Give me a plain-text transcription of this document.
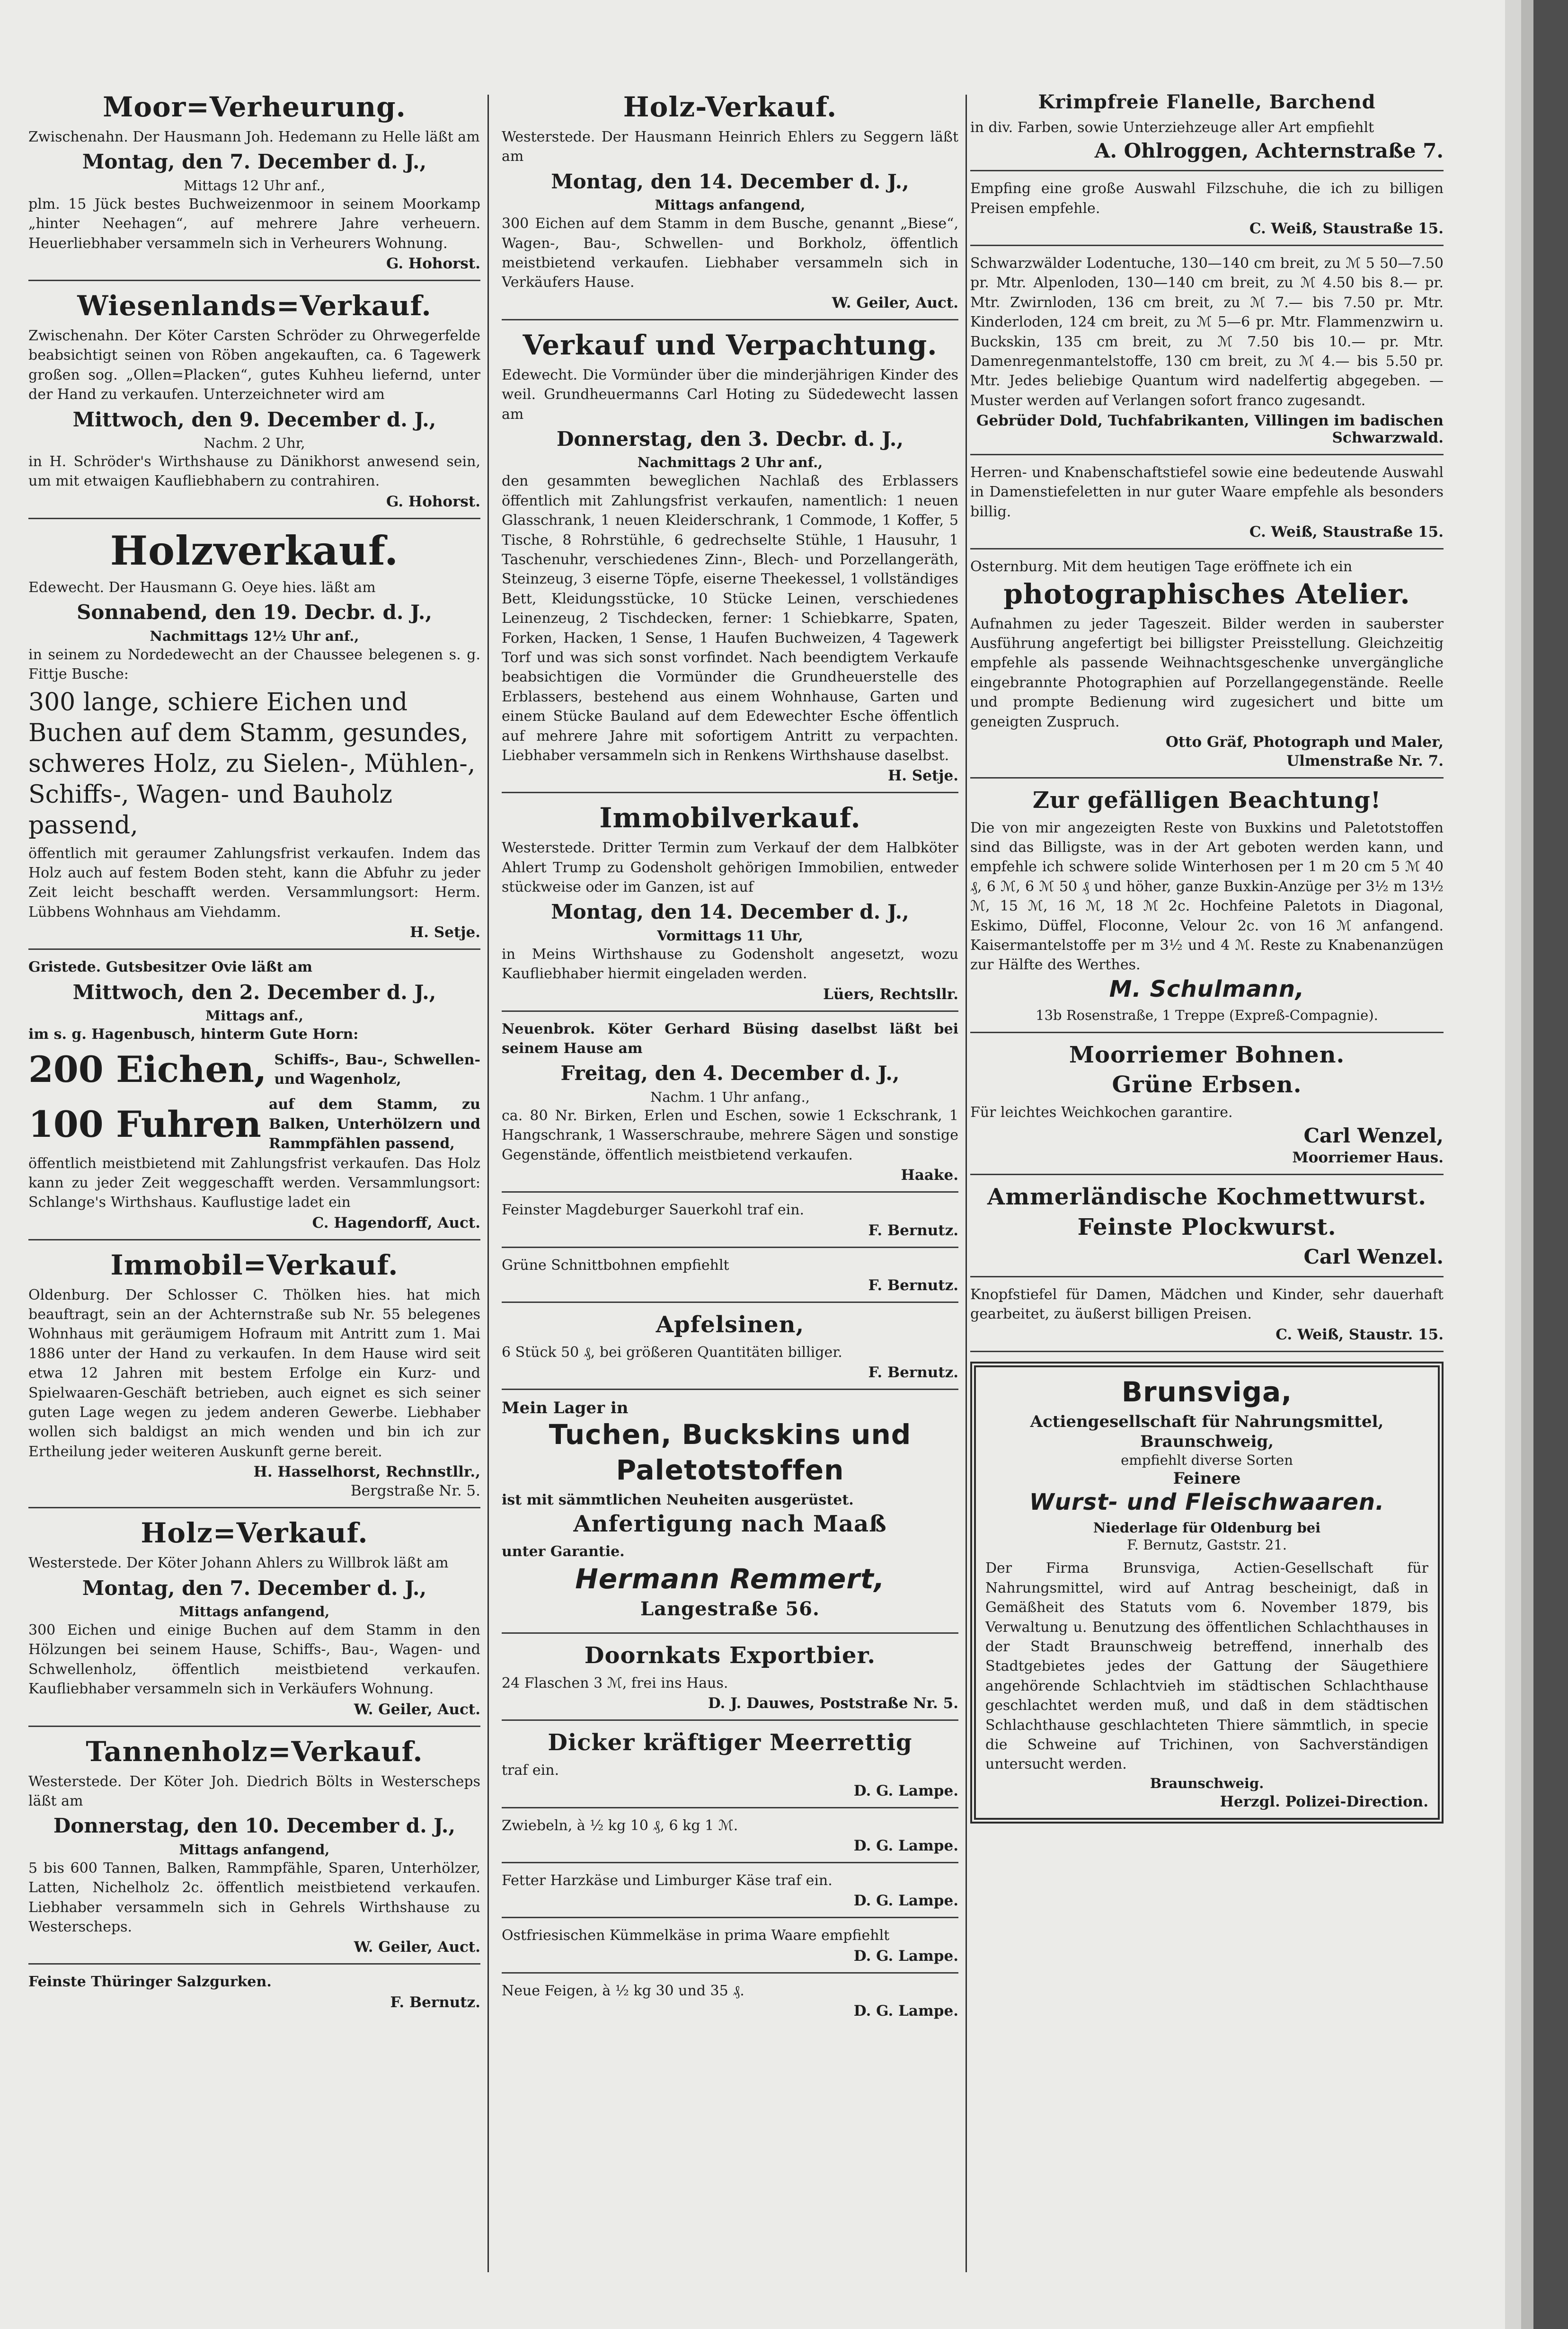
Moor=Verheurung.

Zwischenahn. Der Hausmann Joh. Hedemann zu Helle läßt am

Montag, den 7. December d. J.,
Mittags 12 Uhr anf.,

plm. 15 Jück bestes Buchweizenmoor in seinem Moorkamp „hinter Neehagen“, auf mehrere Jahre verheuern. Heuerliebhaber versammeln sich in Verheurers Wohnung.

G. Hohorst.
Wiesenlands=Verkauf.

Zwischenahn. Der Köter Carsten Schröder zu Ohrwegerfelde beabsichtigt seinen von Röben angekauften, ca. 6 Tagewerk großen sog. „Ollen=Placken“, gutes Kuhheu liefernd, unter der Hand zu verkaufen. Unterzeichneter wird am

Mittwoch, den 9. December d. J.,
Nachm. 2 Uhr,

in H. Schröder's Wirthshause zu Dänikhorst anwesend sein, um mit etwaigen Kaufliebhabern zu contrahiren.

G. Hohorst.
Holzverkauf.

Edewecht. Der Hausmann G. Oeye hies. läßt am

Sonnabend, den 19. Decbr. d. J.,
Nachmittags 12½ Uhr anf.,

in seinem zu Nordedewecht an der Chaussee belegenen s. g. Fittje Busche:

300 lange, schiere Eichen und Buchen auf dem Stamm, gesundes, schweres Holz, zu Sielen-, Mühlen-, Schiffs-, Wagen- und Bauholz passend,

öffentlich mit geraumer Zahlungsfrist verkaufen. Indem das Holz auch auf festem Boden steht, kann die Abfuhr zu jeder Zeit leicht beschafft werden. Versammlungsort: Herm. Lübbens Wohnhaus am Viehdamm.

H. Setje.

Gristede. Gutsbesitzer Ovie läßt am

Mittwoch, den 2. December d. J.,
Mittags anf.,

im s. g. Hagenbusch, hinterm Gute Horn:

200 Eichen, Schiffs-, Bau-, Schwellen- und Wagenholz,
100 Fuhren auf dem Stamm, zu Balken, Unterhölzern und Rammpfählen passend,

öffentlich meistbietend mit Zahlungsfrist verkaufen. Das Holz kann zu jeder Zeit weggeschafft werden. Versammlungsort: Schlange's Wirthshaus. Kauflustige ladet ein

C. Hagendorff, Auct.
Immobil=Verkauf.

Oldenburg. Der Schlosser C. Thölken hies. hat mich beauftragt, sein an der Achternstraße sub Nr. 55 belegenes Wohnhaus mit geräumigem Hofraum mit Antritt zum 1. Mai 1886 unter der Hand zu verkaufen. In dem Hause wird seit etwa 12 Jahren mit bestem Erfolge ein Kurz- und Spielwaaren-Geschäft betrieben, auch eignet es sich seiner guten Lage wegen zu jedem anderen Gewerbe. Liebhaber wollen sich baldigst an mich wenden und bin ich zur Ertheilung jeder weiteren Auskunft gerne bereit.

H. Hasselhorst, Rechnstllr.,
Bergstraße Nr. 5.
Holz=Verkauf.

Westerstede. Der Köter Johann Ahlers zu Willbrok läßt am

Montag, den 7. December d. J.,
Mittags anfangend,

300 Eichen und einige Buchen auf dem Stamm in den Hölzungen bei seinem Hause, Schiffs-, Bau-, Wagen- und Schwellenholz, öffentlich meistbietend verkaufen. Kaufliebhaber versammeln sich in Verkäufers Wohnung.

W. Geiler, Auct.
Tannenholz=Verkauf.

Westerstede. Der Köter Joh. Diedrich Bölts in Westerscheps läßt am

Donnerstag, den 10. December d. J.,
Mittags anfangend,

5 bis 600 Tannen, Balken, Rammpfähle, Sparen, Unterhölzer, Latten, Nichelholz 2c. öffentlich meistbietend verkaufen. Liebhaber versammeln sich in Gehrels Wirthshause zu Westerscheps.

W. Geiler, Auct.

Feinste Thüringer Salzgurken.

F. Bernutz.
Holz-Verkauf.

Westerstede. Der Hausmann Heinrich Ehlers zu Seggern läßt am

Montag, den 14. December d. J.,
Mittags anfangend,

300 Eichen auf dem Stamm in dem Busche, genannt „Biese“, Wagen-, Bau-, Schwellen- und Borkholz, öffentlich meistbietend verkaufen. Liebhaber versammeln sich in Verkäufers Hause.

W. Geiler, Auct.
Verkauf und Verpachtung.

Edewecht. Die Vormünder über die minderjährigen Kinder des weil. Grundheuermanns Carl Hoting zu Südedewecht lassen am

Donnerstag, den 3. Decbr. d. J.,
Nachmittags 2 Uhr anf.,

den gesammten beweglichen Nachlaß des Erblassers öffentlich mit Zahlungsfrist verkaufen, namentlich: 1 neuen Glasschrank, 1 neuen Kleiderschrank, 1 Commode, 1 Koffer, 5 Tische, 8 Rohrstühle, 6 gedrechselte Stühle, 1 Hausuhr, 1 Taschenuhr, verschiedenes Zinn-, Blech- und Porzellangeräth, Steinzeug, 3 eiserne Töpfe, eiserne Theekessel, 1 vollständiges Bett, Kleidungsstücke, 10 Stücke Leinen, verschiedenes Leinenzeug, 2 Tischdecken, ferner: 1 Schiebkarre, Spaten, Forken, Hacken, 1 Sense, 1 Haufen Buchweizen, 4 Tagewerk Torf und was sich sonst vorfindet. Nach beendigtem Verkaufe beabsichtigen die Vormünder die Grundheuerstelle des Erblassers, bestehend aus einem Wohnhause, Garten und einem Stücke Bauland auf dem Edewechter Esche öffentlich auf mehrere Jahre mit sofortigem Antritt zu verpachten. Liebhaber versammeln sich in Renkens Wirthshause daselbst.

H. Setje.
Immobilverkauf.

Westerstede. Dritter Termin zum Verkauf der dem Halbköter Ahlert Trump zu Godensholt gehörigen Immobilien, entweder stückweise oder im Ganzen, ist auf

Montag, den 14. December d. J.,
Vormittags 11 Uhr,

in Meins Wirthshause zu Godensholt angesetzt, wozu Kaufliebhaber hiermit eingeladen werden.

Lüers, Rechtsllr.

Neuenbrok. Köter Gerhard Büsing daselbst läßt bei seinem Hause am

Freitag, den 4. December d. J.,
Nachm. 1 Uhr anfang.,

ca. 80 Nr. Birken, Erlen und Eschen, sowie 1 Eckschrank, 1 Hangschrank, 1 Wasserschraube, mehrere Sägen und sonstige Gegenstände, öffentlich meistbietend verkaufen.

Haake.

Feinster Magdeburger Sauerkohl traf ein.

F. Bernutz.

Grüne Schnittbohnen empfiehlt

F. Bernutz.
Apfelsinen,

6 Stück 50 ₰, bei größeren Quantitäten billiger.

F. Bernutz.
Mein Lager in
Tuchen, Buckskins und
Paletotstoffen

ist mit sämmtlichen Neuheiten ausgerüstet.

Anfertigung nach Maaß

unter Garantie.

Hermann Remmert,
Langestraße 56.
Doornkats Exportbier.

24 Flaschen 3 ℳ, frei ins Haus.

D. J. Dauwes, Poststraße Nr. 5.
Dicker kräftiger Meerrettig

traf ein.

D. G. Lampe.

Zwiebeln, à ½ kg 10 ₰, 6 kg 1 ℳ.

D. G. Lampe.

Fetter Harzkäse und Limburger Käse traf ein.

D. G. Lampe.

Ostfriesischen Kümmelkäse in prima Waare empfiehlt

D. G. Lampe.

Neue Feigen, à ½ kg 30 und 35 ₰.

D. G. Lampe.
Krimpfreie Flanelle, Barchend

in div. Farben, sowie Unterziehzeuge aller Art empfiehlt

A. Ohlroggen, Achternstraße 7.

Empfing eine große Auswahl Filzschuhe, die ich zu billigen Preisen empfehle.

C. Weiß, Staustraße 15.

Schwarzwälder Lodentuche, 130—140 cm breit, zu ℳ 5 50—7.50 pr. Mtr. Alpenloden, 130—140 cm breit, zu ℳ 4.50 bis 8.— pr. Mtr. Zwirnloden, 136 cm breit, zu ℳ 7.— bis 7.50 pr. Mtr. Kinderloden, 124 cm breit, zu ℳ 5—6 pr. Mtr. Flammenzwirn u. Buckskin, 135 cm breit, zu ℳ 7.50 bis 10.— pr. Mtr. Damenregenmantelstoffe, 130 cm breit, zu ℳ 4.— bis 5.50 pr. Mtr. Jedes beliebige Quantum wird nadelfertig abgegeben. — Muster werden auf Verlangen sofort franco zugesandt.

Gebrüder Dold, Tuchfabrikanten, Villingen im badischen Schwarzwald.

Herren- und Knabenschaftstiefel sowie eine bedeutende Auswahl in Damenstiefeletten in nur guter Waare empfehle als besonders billig.

C. Weiß, Staustraße 15.

Osternburg. Mit dem heutigen Tage eröffnete ich ein

photographisches Atelier.

Aufnahmen zu jeder Tageszeit. Bilder werden in sauberster Ausführung angefertigt bei billigster Preisstellung. Gleichzeitig empfehle als passende Weihnachtsgeschenke unvergängliche eingebrannte Photographien auf Porzellangegenstände. Reelle und prompte Bedienung wird zugesichert und bitte um geneigten Zuspruch.

Otto Gräf, Photograph und Maler,
Ulmenstraße Nr. 7.
Zur gefälligen Beachtung!

Die von mir angezeigten Reste von Buxkins und Paletotstoffen sind das Billigste, was in der Art geboten werden kann, und empfehle ich schwere solide Winterhosen per 1 m 20 cm 5 ℳ 40 ₰, 6 ℳ, 6 ℳ 50 ₰ und höher, ganze Buxkin-Anzüge per 3½ m 13½ ℳ, 15 ℳ, 16 ℳ, 18 ℳ 2c. Hochfeine Paletots in Diagonal, Eskimo, Düffel, Floconne, Velour 2c. von 16 ℳ anfangend. Kaisermantelstoffe per m 3½ und 4 ℳ. Reste zu Knabenanzügen zur Hälfte des Werthes.

M. Schulmann,
13b Rosenstraße, 1 Treppe (Expreß-Compagnie).
Moorriemer Bohnen.
Grüne Erbsen.

Für leichtes Weichkochen garantire.

Carl Wenzel,
Moorriemer Haus.
Ammerländische Kochmettwurst.
Feinste Plockwurst.
Carl Wenzel.

Knopfstiefel für Damen, Mädchen und Kinder, sehr dauerhaft gearbeitet, zu äußerst billigen Preisen.

C. Weiß, Staustr. 15.
Brunsviga,
Actiengesellschaft für Nahrungsmittel,
Braunschweig,
empfiehlt diverse Sorten
Feinere
Wurst- und Fleischwaaren.
Niederlage für Oldenburg bei
F. Bernutz, Gaststr. 21.

Der Firma Brunsviga, Actien-Gesellschaft für Nahrungsmittel, wird auf Antrag bescheinigt, daß in Gemäßheit des Statuts vom 6. November 1879, bis Verwaltung u. Benutzung des öffentlichen Schlachthauses in der Stadt Braunschweig betreffend, innerhalb des Stadtgebietes jedes der Gattung der Säugethiere angehörende Schlachtvieh im städtischen Schlachthause geschlachtet werden muß, und daß in dem städtischen Schlachthause geschlachteten Thiere sämmtlich, in specie die Schweine auf Trichinen, von Sachverständigen untersucht werden.

Braunschweig.
Herzgl. Polizei-Direction.
